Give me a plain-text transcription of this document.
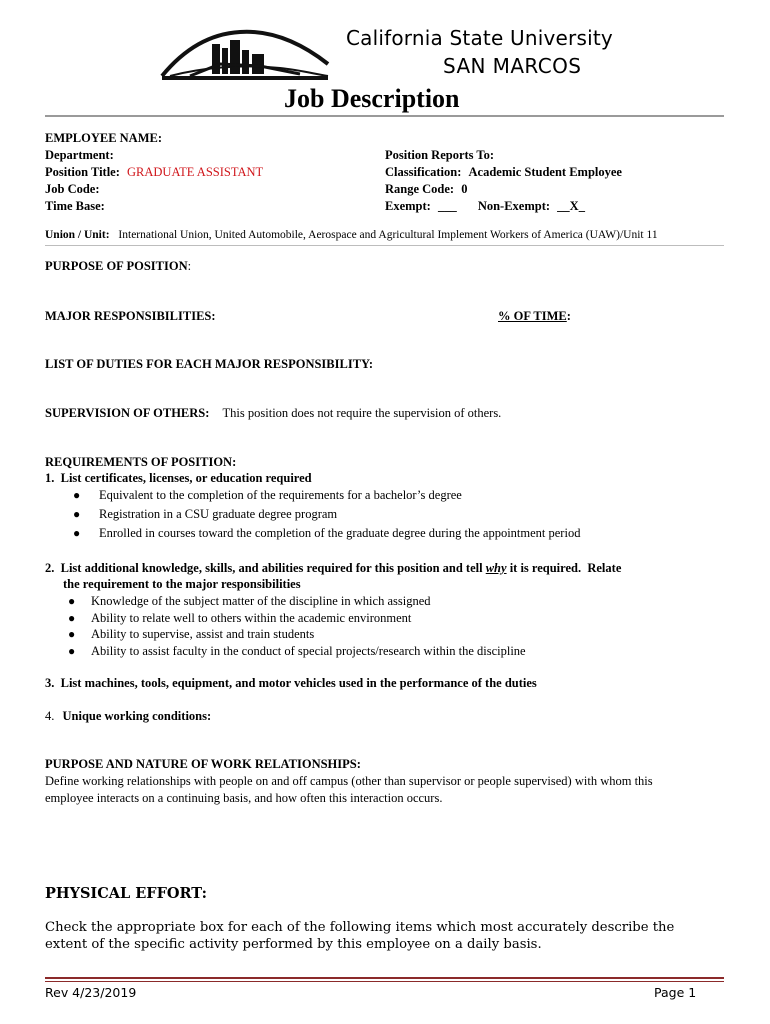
California State University
SAN MARCOS
Job Description
EMPLOYEE NAME:
Department:
Position Title: GRADUATE ASSISTANT
Job Code:
Time Base:
Position Reports To:
Classification: Academic Student Employee
Range Code: 0
Exempt: ___ Non-Exempt: __X_
Union / Unit: International Union, United Automobile, Aerospace and Agricultural Implement Workers of America (UAW)/Unit 11
PURPOSE OF POSITION:
MAJOR RESPONSIBILITIES:	% OF TIME:
LIST OF DUTIES FOR EACH MAJOR RESPONSIBILITY:
SUPERVISION OF OTHERS: This position does not require the supervision of others.
REQUIREMENTS OF POSITION:
1.  List certificates, licenses, or education required
● Equivalent to the completion of the requirements for a bachelor’s degree
● Registration in a CSU graduate degree program
● Enrolled in courses toward the completion of the graduate degree during the appointment period
2.  List additional knowledge, skills, and abilities required for this position and tell why it is required.  Relate
the requirement to the major responsibilities
● Knowledge of the subject matter of the discipline in which assigned
● Ability to relate well to others within the academic environment
● Ability to supervise, assist and train students
● Ability to assist faculty in the conduct of special projects/research within the discipline
3.  List machines, tools, equipment, and motor vehicles used in the performance of the duties
4. Unique working conditions:
PURPOSE AND NATURE OF WORK RELATIONSHIPS:
Define working relationships with people on and off campus (other than supervisor or people supervised) with whom this
employee interacts on a continuing basis, and how often this interaction occurs.
PHYSICAL EFFORT:
Check the appropriate box for each of the following items which most accurately describe the
extent of the specific activity performed by this employee on a daily basis.
Rev 4/23/2019	Page 1
